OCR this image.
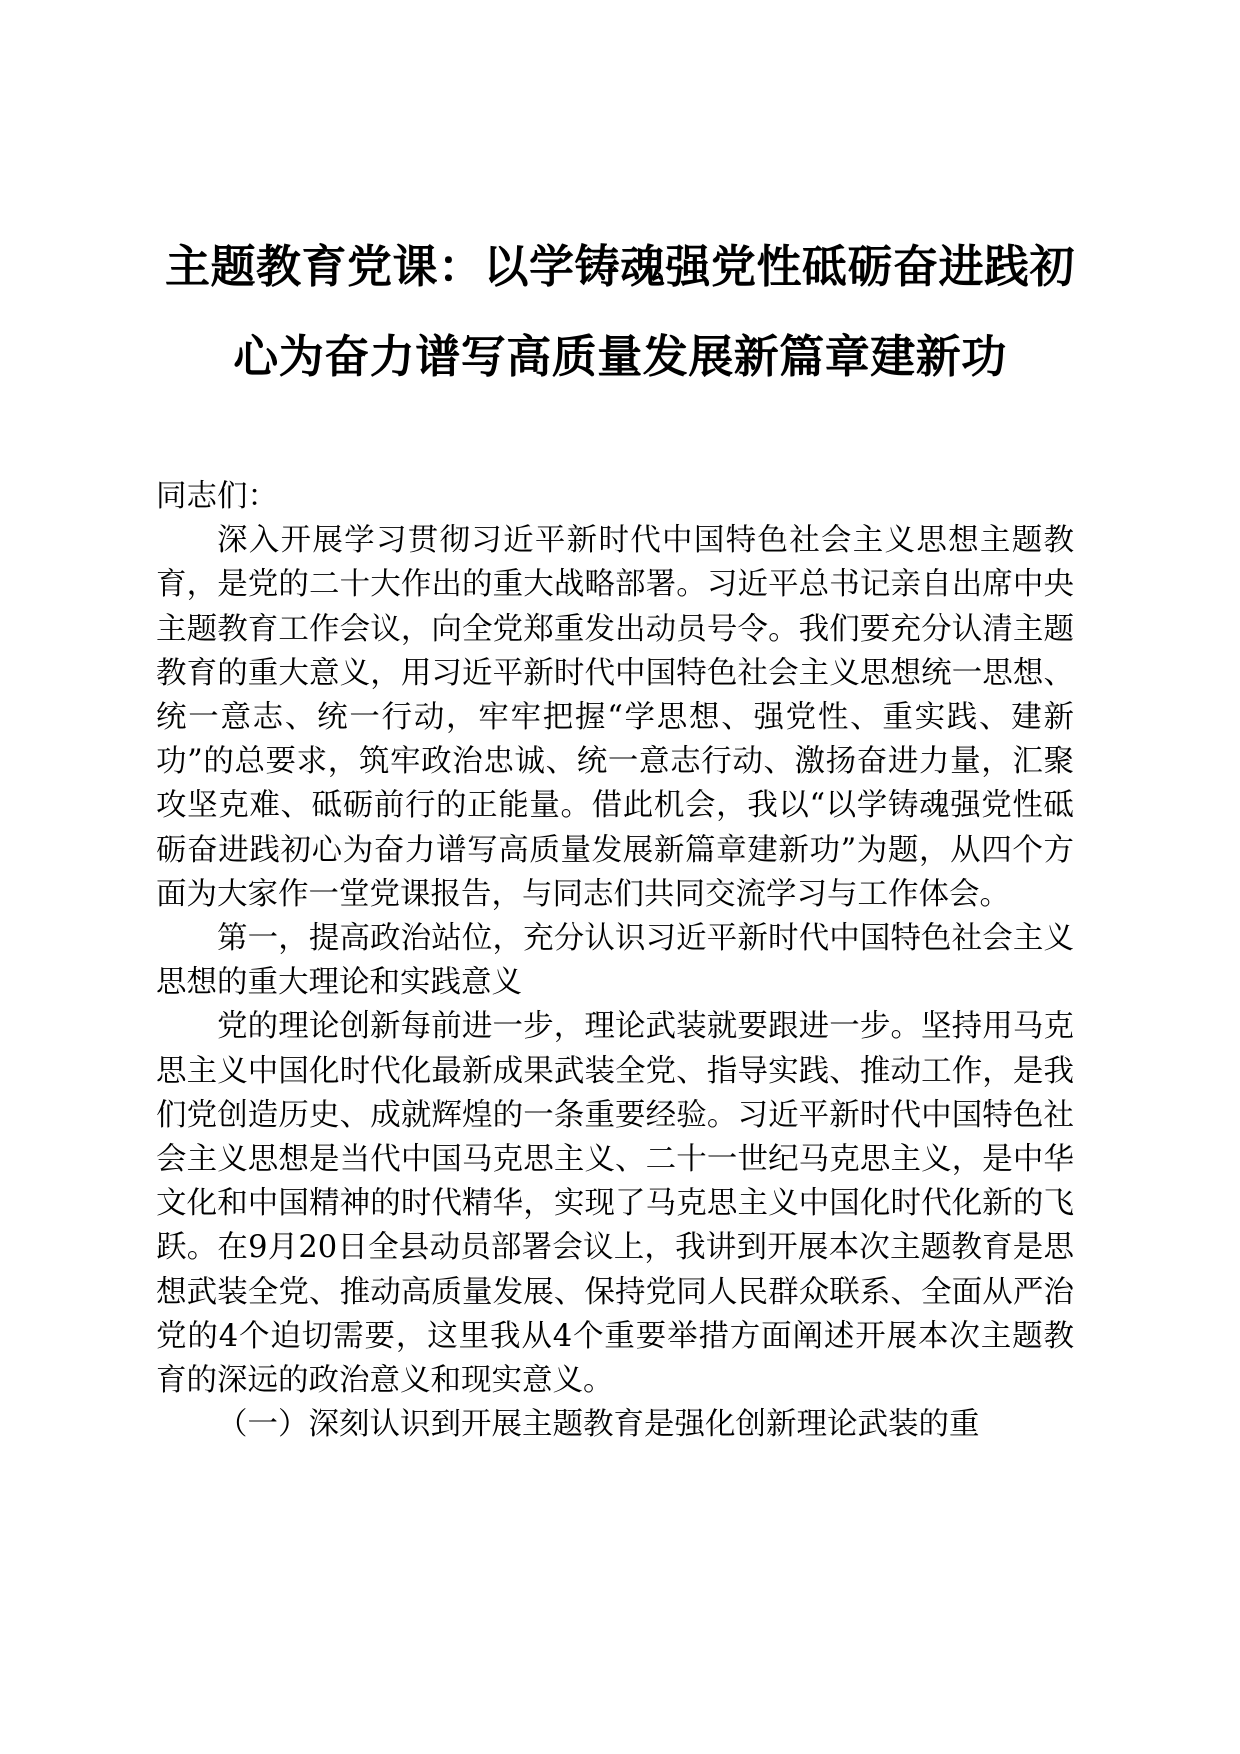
主题教育党课：以学铸魂强党性砥砺奋进践初
心为奋力谱写高质量发展新篇章建新功

同志们：

深入开展学习贯彻习近平新时代中国特色社会主义思想主题教育，是党的二十大作出的重大战略部署。习近平总书记亲自出席中央主题教育工作会议，向全党郑重发出动员号令。我们要充分认清主题教育的重大意义，用习近平新时代中国特色社会主义思想统一思想、统一意志、统一行动，牢牢把握“学思想、强党性、重实践、建新功”的总要求，筑牢政治忠诚、统一意志行动、激扬奋进力量，汇聚攻坚克难、砥砺前行的正能量。借此机会，我以“以学铸魂强党性砥砺奋进践初心为奋力谱写高质量发展新篇章建新功”为题，从四个方面为大家作一堂党课报告，与同志们共同交流学习与工作体会。

第一，提高政治站位，充分认识习近平新时代中国特色社会主义思想的重大理论和实践意义

党的理论创新每前进一步，理论武装就要跟进一步。坚持用马克思主义中国化时代化最新成果武装全党、指导实践、推动工作，是我们党创造历史、成就辉煌的一条重要经验。习近平新时代中国特色社会主义思想是当代中国马克思主义、二十一世纪马克思主义，是中华文化和中国精神的时代精华，实现了马克思主义中国化时代化新的飞跃。在9月20日全县动员部署会议上，我讲到开展本次主题教育是思想武装全党、推动高质量发展、保持党同人民群众联系、全面从严治党的4个迫切需要，这里我从4个重要举措方面阐述开展本次主题教育的深远的政治意义和现实意义。

（一）深刻认识到开展主题教育是强化创新理论武装的重
